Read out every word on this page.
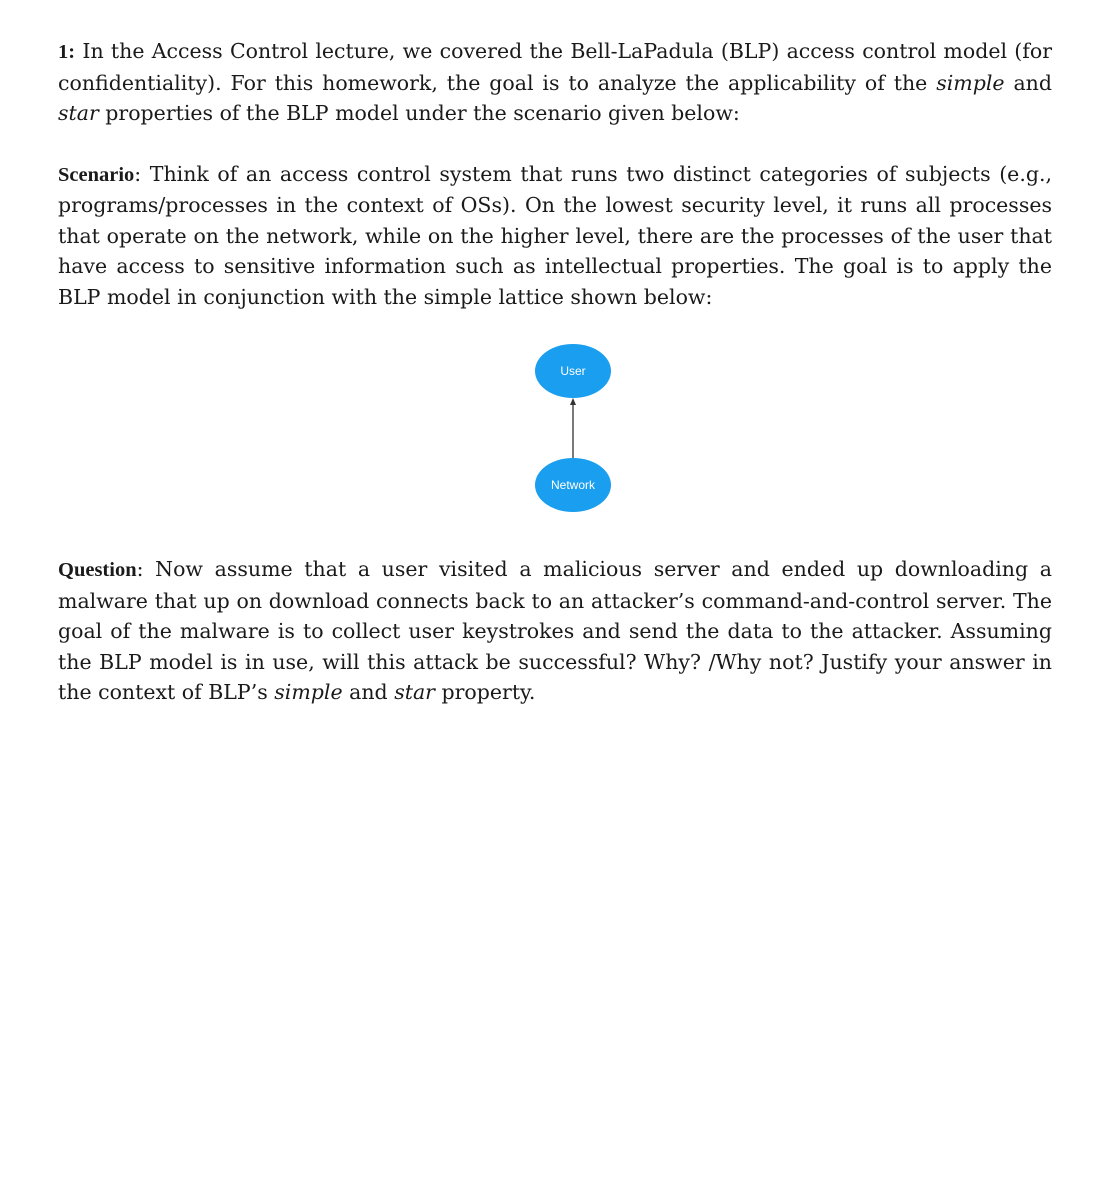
1: In the Access Control lecture, we covered the Bell-LaPadula (BLP) access control model (for confidentiality). For this homework, the goal is to analyze the applicability of the simple and star properties of the BLP model under the scenario given below:

Scenario: Think of an access control system that runs two distinct categories of subjects (e.g., programs/processes in the context of OSs). On the lowest security level, it runs all processes that operate on the network, while on the higher level, there are the processes of the user that have access to sensitive information such as intellectual properties. The goal is to apply the BLP model in conjunction with the simple lattice shown below:

User
Network

Question: Now assume that a user visited a malicious server and ended up downloading a malware that up on download connects back to an attacker’s command-and-control server. The goal of the malware is to collect user keystrokes and send the data to the attacker. Assuming the BLP model is in use, will this attack be successful? Why? /Why not? Justify your answer in the context of BLP’s simple and star property.
